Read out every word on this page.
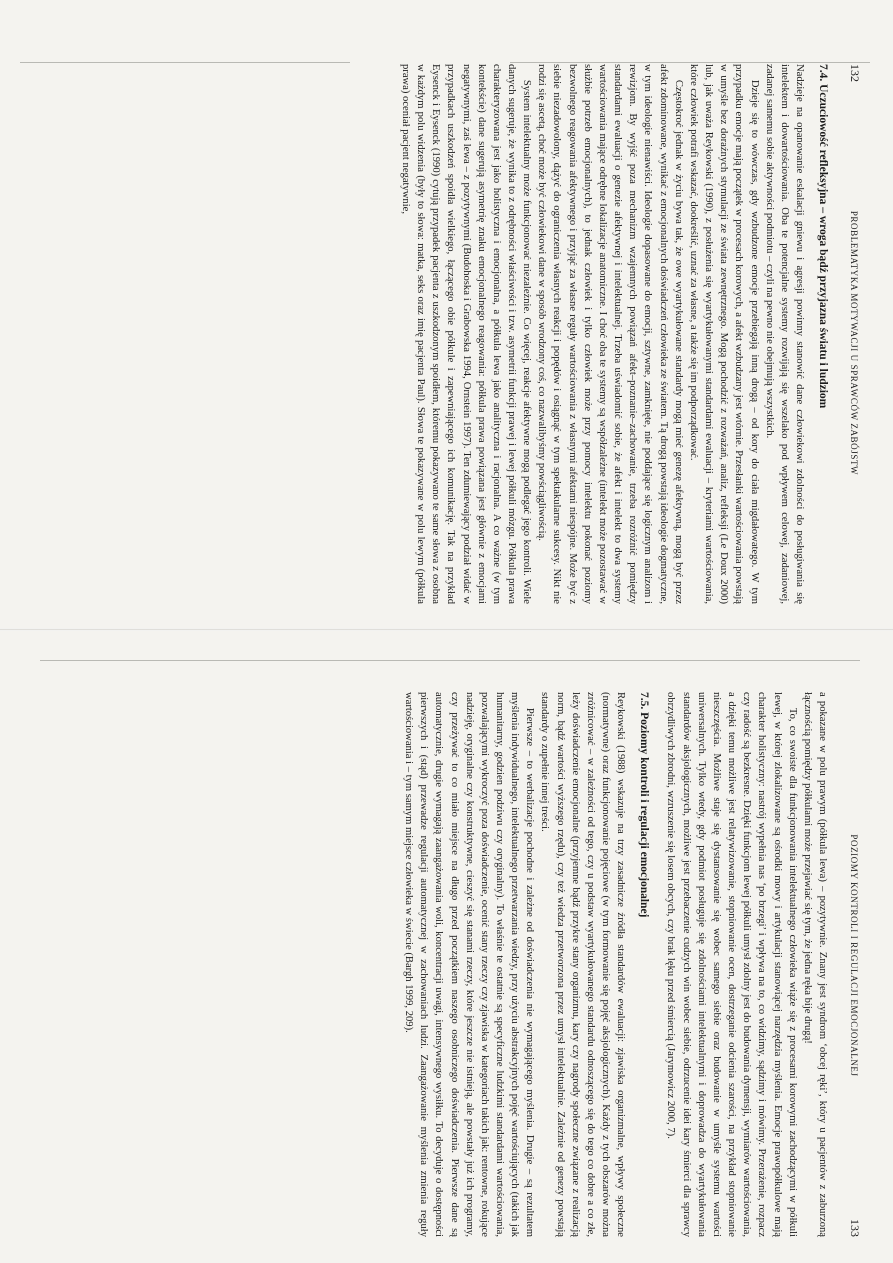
132
PROBLEMATYKA MOTYWACJI U SPRAWCÓW ZABÓJSTW
7.4. Uczuciowość refleksyjna – wroga bądź przyjazna światu i ludziom

Nadzieje na opanowanie eskalacji gniewu i agresji powinny stanowić dane człowiekowi zdolności do posługiwania się intelektem i dowartościowania. Oba te potencjalne systemy rozwijają się wszelako pod wpływem celowej, zadaniowej, zadanej samemu sobie aktywności podmiotu – czyli na pewno nie obejmują wszystkich.

Dzieje się to wówczas, gdy wzbudzone emocje przebiegają inną drogą – od kory do ciała migdałowatego. W tym przypadku emocje mają początek w procesach korowych, a afekt wzbudzany jest wtórnie. Przesłanki wartościowania powstają w umyśle bez doraźnych stymulacji ze świata zewnętrznego. Mogą pochodzić z rozważań, analiz, refleksji (Le Doux 2000) lub, jak uważa Reykowski (1990), z posłużenia się wyartykułowanymi standardami ewaluacji – kryteriami wartościowania, które człowiek potrafi wskazać, dookreślić, uznać za własne, a także się im podporządkować.

Częstokroć jednak w życiu bywa tak, że owe wyartykułowane standardy mogą mieć genezę afektywną, mogą być przez afekt zdominowane, wynikać z emocjonalnych doświadczeń człowieka ze światem. Tą drogą powstają ideologie dogmatyczne, w tym ideologie nienawiści. Ideologie dopasowane do emocji, sztywne, zamknięte, nie poddające się logicznym analizom i rewizjom. By wyjść poza mechanizm wzajemnych powiązań afekt–poznanie–zachowanie, trzeba rozróżnić pomiędzy standardami ewaluacji o genezie afektywnej i intelektualnej. Trzeba uświadomić sobie, że afekt i intelekt to dwa systemy wartościowania mające odrębne lokalizacje anatomiczne. I choć oba te systemy są współzależne (intelekt może pozostawać w służbie potrzeb emocjonalnych), to jednak człowiek i tylko człowiek może przy pomocy intelektu pokonać poziomy bezwolnego reagowania afektywnego i przyjąć za własne reguły wartościowania z własnymi afektami niespójne. Może być z siebie niezadowolony, dążyć do ograniczenia własnych reakcji i popędów i osiągnąć w tym spektakularne sukcesy. Nikt nie rodzi się ascetą, choć może być człowiekowi dane w sposób wrodzony coś, co nazwalibyśmy powściągliwością.

System intelektualny może funkcjonować niezależnie. Co więcej, reakcje afektywne mogą podlegać jego kontroli. Wiele danych sugeruje, że wynika to z odrębności właściwości i tzw. asymetrii funkcji prawej i lewej półkuli mózgu. Półkula prawa charakteryzowana jest jako holistyczna i emocjonalna, a półkula lewa jako analityczna i racjonalna. A co ważne (w tym kontekście) dane sugerują asymetrię znaku emocjonalnego reagowania: półkula prawa powiązana jest głównie z emocjami negatywnymi, zaś lewa – z pozytywnymi (Budohoska i Grabowska 1994, Ornstein 1997). Ten zdumiewający podział widać w przypadkach uszkodzeń spoidła wielkiego, łączącego obie półkule i zapewniającego ich komunikację. Tak na przykład Eysenck i Eysenck (1990) cytują przypadek pacjenta z uszkodzonym spoidłem, któremu pokazywano te same słowa z osobna w każdym polu widzenia (były to słowa: matka, seks oraz imię pacjenta Paul). Słowa te pokazywane w polu lewym (półkula prawa) oceniał pacjent negatywnie,

POZIOMY KONTROLI I REGULACJI EMOCJONALNEJ
133

a pokazane w polu prawym (półkula lewa) – pozytywnie. Znany jest syndrom ‘obcej ręki’, który u pacjentów z zaburzoną łącznością pomiędzy półkulami może przejawiać się tym, że jedna ręka bije drugą!

To, co swoiste dla funkcjonowania intelektualnego człowieka wiąże się z procesami korowymi zachodzącymi w półkuli lewej, w której zlokalizowane są ośrodki mowy i artykulacji stanowiącej narzędzia myślenia. Emocje prawopółkulowe mają charakter holistyczny: nastrój wypełnia nas ‘po brzegi’ i wpływa na to, co widzimy, sądzimy i mówimy. Przerażenie, rozpacz czy radość są bezkresne. Dzięki funkcjom lewej półkuli umysł zdolny jest do budowania dymensji, wymiarów wartościowania, a dzięki temu możliwe jest relatywizowanie, stopniowanie ocen, dostrzeganie odcienia szarości, na przykład stopniowanie nieszczęścia. Możliwe staje się dystansowanie się wobec samego siebie oraz budowanie w umyśle systemu wartości uniwersalnych. Tylko wtedy, gdy podmiot posługuje się zdolnościami intelektualnymi i doprowadza do wyartykułowania standardów aksjologicznych, możliwe jest przebaczenie cudzych win wobec siebie, odrzucenie idei kary śmierci dla sprawcy obrzydliwych zbrodni, wzruszenie się losem obcych, czy brak lęku przed śmiercią (Jarymowicz 2000, 7).

7.5. Poziomy kontroli i regulacji emocjonalnej

Reykowski (1988) wskazuje na trzy zasadnicze źródła standardów ewaluacji: zjawiska organizmalne, wpływy społeczne (normatywne) oraz funkcjonowanie pojęciowe (w tym formowanie się pojęć aksjologicznych). Każdy z tych obszarów można zróżnicować – w zależności od tego, czy u podstaw wyartykułowanego standardu odnoszącego się do tego co dobre a co złe, leży doświadczenie emocjonalne (przyjemne bądź przykre stany organizmu, kary czy nagrody społeczne związane z realizacją norm, bądź wartości wyższego rzędu), czy też wiedza przetworzona przez umysł intelektualnie. Zależnie od genezy powstają standardy o zupełnie innej treści.

Pierwsze – to werbalizacje pochodne i zależne od doświadczenia nie wymagającego myślenia. Drugie – są rezultatem myślenia indywidualnego, intelektualnego przetwarzania wiedzy, przy użyciu abstrakcyjnych pojęć wartościujących (takich jak humanitarny, godzien podziwu czy oryginalny). To właśnie te ostatnie są specyficzne ludzkimi standardami wartościowania, pozwalającymi wykroczyć poza doświadczenie, ocenić stany rzeczy czy zjawiska w kategoriach takich jak: rentowne, rokujące nadzieję, oryginalne czy konstruktywne, cieszyć się stanami rzeczy, które jeszcze nie istnieją, ale powstały już ich programy, czy przeżywać to co miało miejsce na długo przed początkiem naszego osobniczego doświadczenia. Pierwsze dane są automatycznie, drugie wymagają zaangażowania woli, koncentracji uwagi, intensywnego wysiłku. To decyduje o dostępności pierwszych i (stąd) przewadze regulacji automatycznej w zachowaniach ludzi. Zaangażowanie myślenia zmienia reguły wartościowania i – tym samym miejsce człowieka w świecie (Bargh 1999, 209).
